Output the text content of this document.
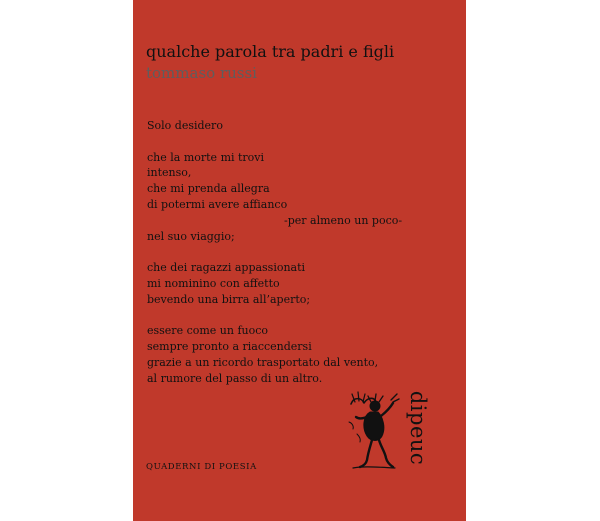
qualche parola tra padri e figli
tommaso russi
Solo desidero
che la morte mi trovi
intenso,
che mi prenda allegra
di potermi avere affianco
-per almeno un poco-
nel suo viaggio;
che dei ragazzi appassionati
mi nominino con affetto
bevendo una birra all’aperto;
essere come un fuoco
sempre pronto a riaccendersi
grazie a un ricordo trasportato dal vento,
al rumore del passo di un altro.
QUADERNI DI POESIA
dipeuc
